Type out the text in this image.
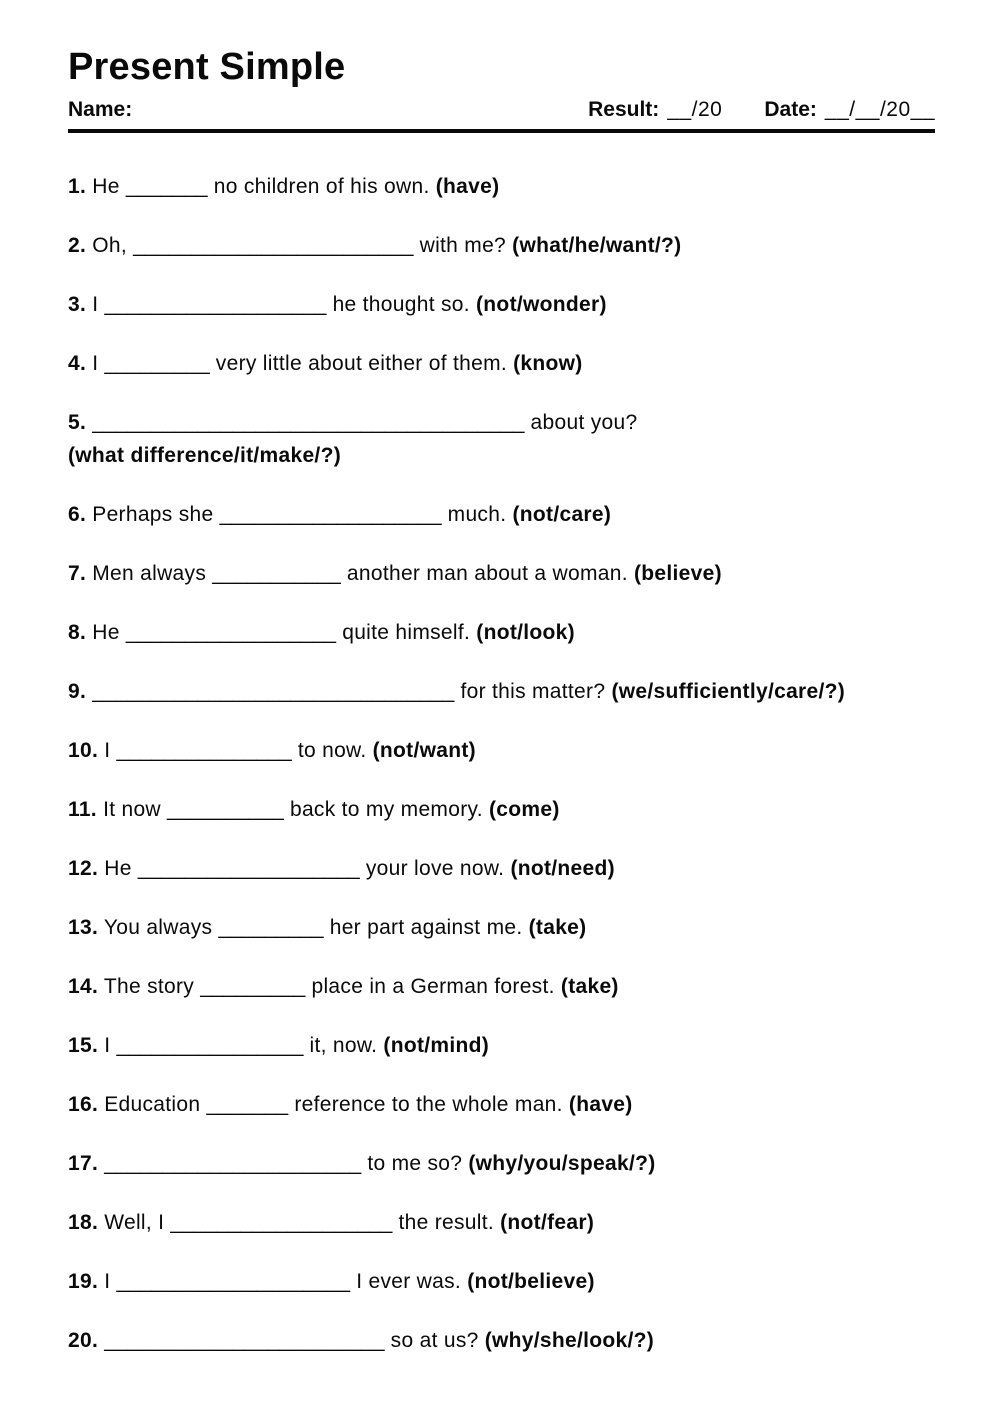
Present Simple
Name:	Result: __/20 Date: __/__/20__

1. He _______ no children of his own. (have)

2. Oh, ________________________ with me? (what/he/want/?)

3. I ___________________ he thought so. (not/wonder)

4. I _________ very little about either of them. (know)

5. _____________________________________ about you?
(what difference/it/make/?)

6. Perhaps she ___________________ much. (not/care)

7. Men always ___________ another man about a woman. (believe)

8. He __________________ quite himself. (not/look)

9. _______________________________ for this matter? (we/sufficiently/care/?)

10. I _______________ to now. (not/want)

11. It now __________ back to my memory. (come)

12. He ___________________ your love now. (not/need)

13. You always _________ her part against me. (take)

14. The story _________ place in a German forest. (take)

15. I ________________ it, now. (not/mind)

16. Education _______ reference to the whole man. (have)

17. ______________________ to me so? (why/you/speak/?)

18. Well, I ___________________ the result. (not/fear)

19. I ____________________ I ever was. (not/believe)

20. ________________________ so at us? (why/she/look/?)
